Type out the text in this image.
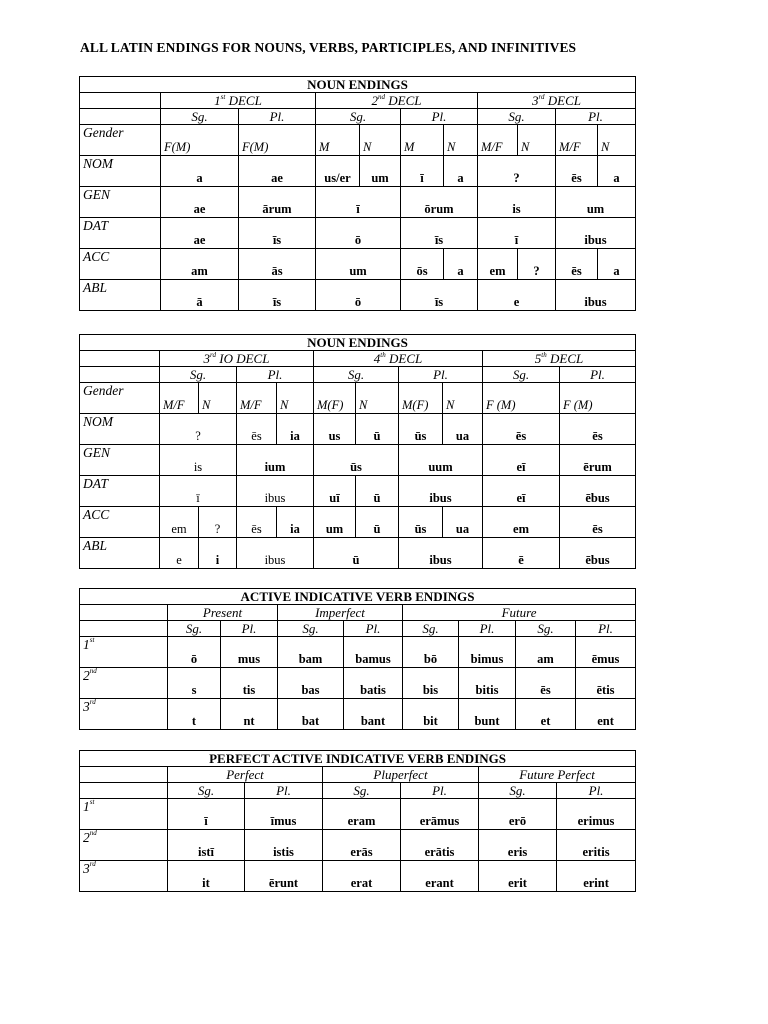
ALL LATIN ENDINGS FOR NOUNS, VERBS, PARTICIPLES, AND INFINITIVES
NOUN ENDINGS										
	1st DECL		2nd DECL				3rd DECL			
	Sg.	Pl.	Sg.		Pl.		Sg.		Pl.	
Gender	F(M)	F(M)	M	N	M	N	M/F	N	M/F	N
NOM	a	ae	us/er	um	ī	a	?		ēs	a
GEN	ae	ārum	ī		ōrum		is		um	
DAT	ae	īs	ō		īs		ī		ibus	
ACC	am	ās	um		ōs	a	em	?	ēs	a
ABL	ā	īs	ō		īs		e		ibus	
NOUN ENDINGS										
	3rd IO DECL				4th DECL				5th DECL	
	Sg.		Pl.		Sg.		Pl.		Sg.	Pl.
Gender	M/F	N	M/F	N	M(F)	N	M(F)	N	F (M)	F (M)
NOM	?		ēs	ia	us	ū	ūs	ua	ēs	ēs
GEN	is		ium		ūs		uum		eī	ērum
DAT	ī		ibus		uī	ū	ibus		eī	ēbus
ACC	em	?	ēs	ia	um	ū	ūs	ua	em	ēs
ABL	e	i	ibus		ū		ibus		ē	ēbus
ACTIVE INDICATIVE VERB ENDINGS								
	Present		Imperfect		Future			
	Sg.	Pl.	Sg.	Pl.	Sg.	Pl.	Sg.	Pl.
1st	ō	mus	bam	bamus	bō	bimus	am	ēmus
2nd	s	tis	bas	batis	bis	bitis	ēs	ētis
3rd	t	nt	bat	bant	bit	bunt	et	ent
PERFECT ACTIVE INDICATIVE VERB ENDINGS						
	Perfect		Pluperfect		Future Perfect	
	Sg.	Pl.	Sg.	Pl.	Sg.	Pl.
1st	ī	īmus	eram	erāmus	erō	erimus
2nd	istī	istis	erās	erātis	eris	eritis
3rd	it	ērunt	erat	erant	erit	erint
